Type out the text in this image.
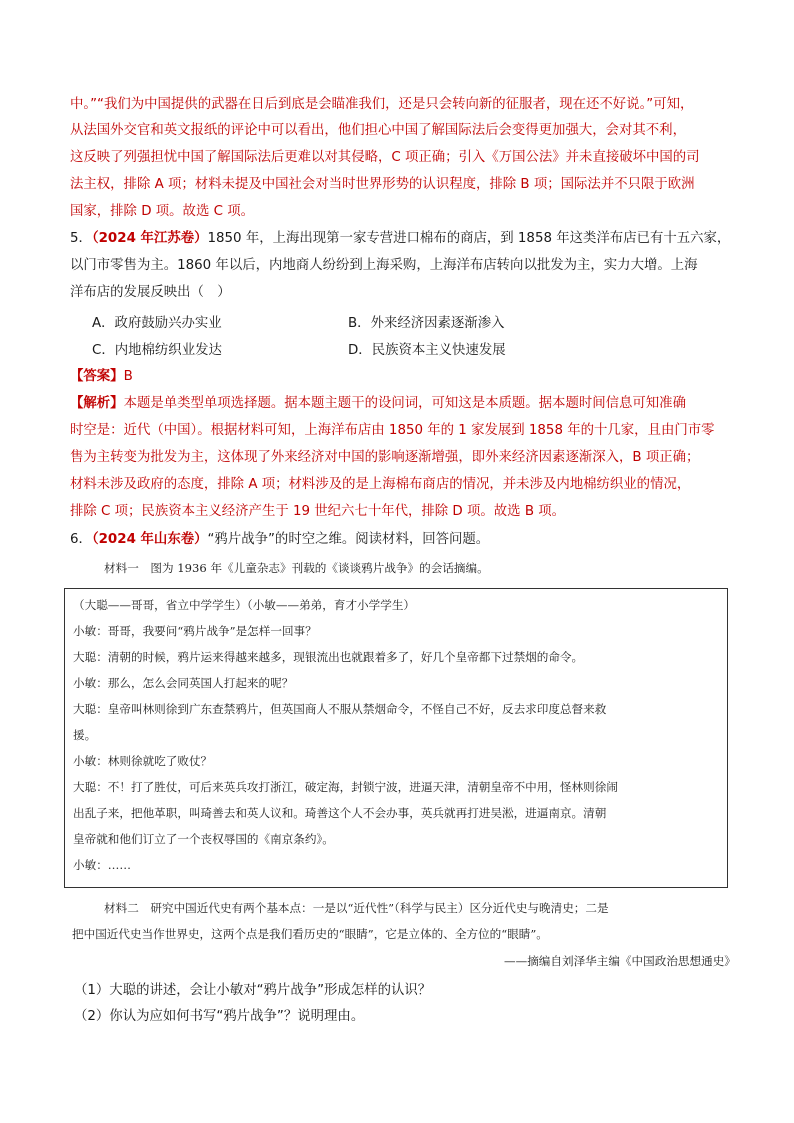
中。”“我们为中国提供的武器在日后到底是会瞄准我们，还是只会转向新的征服者，现在还不好说。”可知，
从法国外交官和英文报纸的评论中可以看出，他们担心中国了解国际法后会变得更加强大，会对其不利，
这反映了列强担忧中国了解国际法后更难以对其侵略，C 项正确；引入《万国公法》并未直接破坏中国的司
法主权，排除 A 项；材料未提及中国社会对当时世界形势的认识程度，排除 B 项；国际法并不只限于欧洲
国家，排除 D 项。故选 C 项。
5．（2024 年江苏卷）1850 年，上海出现第一家专营进口棉布的商店，到 1858 年这类洋布店已有十五六家，
以门市零售为主。1860 年以后，内地商人纷纷到上海采购，上海洋布店转向以批发为主，实力大增。上海
洋布店的发展反映出（　）
A．政府鼓励兴办实业	B．外来经济因素逐渐渗入
C．内地棉纺织业发达	D．民族资本主义快速发展
【答案】B
【解析】本题是单类型单项选择题。据本题主题干的设问词，可知这是本质题。据本题时间信息可知准确
时空是：近代（中国）。根据材料可知，上海洋布店由 1850 年的 1 家发展到 1858 年的十几家，且由门市零
售为主转变为批发为主，这体现了外来经济对中国的影响逐渐增强，即外来经济因素逐渐深入，B 项正确；
材料未涉及政府的态度，排除 A 项；材料涉及的是上海棉布商店的情况，并未涉及内地棉纺织业的情况，
排除 C 项；民族资本主义经济产生于 19 世纪六七十年代，排除 D 项。故选 B 项。
6．（2024 年山东卷）“鸦片战争”的时空之维。阅读材料，回答问题。
材料一　图为 1936 年《儿童杂志》刊载的《谈谈鸦片战争》的会话摘编。
（大聪——哥哥，省立中学学生）（小敏——弟弟，育才小学学生）
小敏：哥哥，我要问“鸦片战争”是怎样一回事？
大聪：清朝的时候，鸦片运来得越来越多，现银流出也就跟着多了，好几个皇帝都下过禁烟的命令。
小敏：那么，怎么会同英国人打起来的呢？
大聪：皇帝叫林则徐到广东查禁鸦片，但英国商人不服从禁烟命令，不怪自己不好，反去求印度总督来救
援。
小敏：林则徐就吃了败仗？
大聪：不！打了胜仗，可后来英兵攻打浙江，破定海，封锁宁波，进逼天津，清朝皇帝不中用，怪林则徐闹
出乱子来，把他革职，叫琦善去和英人议和。琦善这个人不会办事，英兵就再打进吴淞，进逼南京。清朝
皇帝就和他们订立了一个丧权辱国的《南京条约》。
小敏：……
材料二　研究中国近代史有两个基本点：一是以“近代性”（科学与民主）区分近代史与晚清史；二是
把中国近代史当作世界史，这两个点是我们看历史的“眼睛”，它是立体的、全方位的“眼睛”。
——摘编自刘泽华主编《中国政治思想通史》
（1）大聪的讲述，会让小敏对“鸦片战争”形成怎样的认识？
（2）你认为应如何书写“鸦片战争”？说明理由。
